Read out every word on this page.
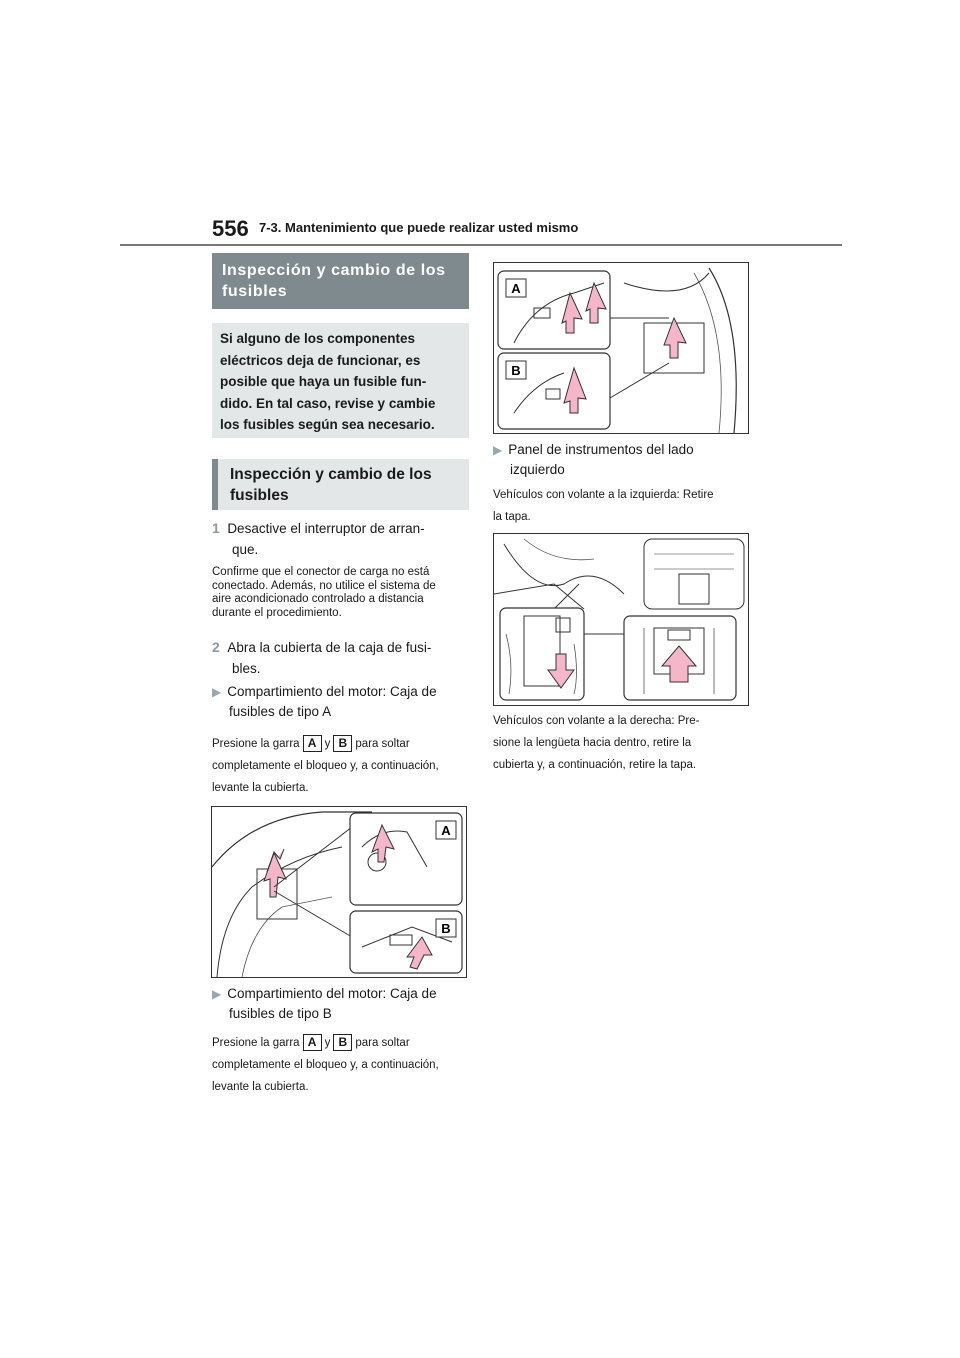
556 7-3. Mantenimiento que puede realizar usted mismo
Inspección y cambio de los
fusibles
Si alguno de los componentes
eléctricos deja de funcionar, es
posible que haya un fusible fun-
dido. En tal caso, revise y cambie
los fusibles según sea necesario.
Inspección y cambio de los
fusibles
1 Desactive el interruptor de arran-
que.
Confirme que el conector de carga no está
conectado. Además, no utilice el sistema de
aire acondicionado controlado a distancia
durante el procedimiento.
2 Abra la cubierta de la caja de fusi-
bles.
▶ Compartimiento del motor: Caja de
fusibles de tipo A
Presione la garra A y B para soltar
completamente el bloqueo y, a continuación,
levante la cubierta.
A
B
▶ Compartimiento del motor: Caja de
fusibles de tipo B
Presione la garra A y B para soltar
completamente el bloqueo y, a continuación,
levante la cubierta.
A
B
▶ Panel de instrumentos del lado
izquierdo
Vehículos con volante a la izquierda: Retire
la tapa.
Vehículos con volante a la derecha: Pre-
sione la lengüeta hacia dentro, retire la
cubierta y, a continuación, retire la tapa.
